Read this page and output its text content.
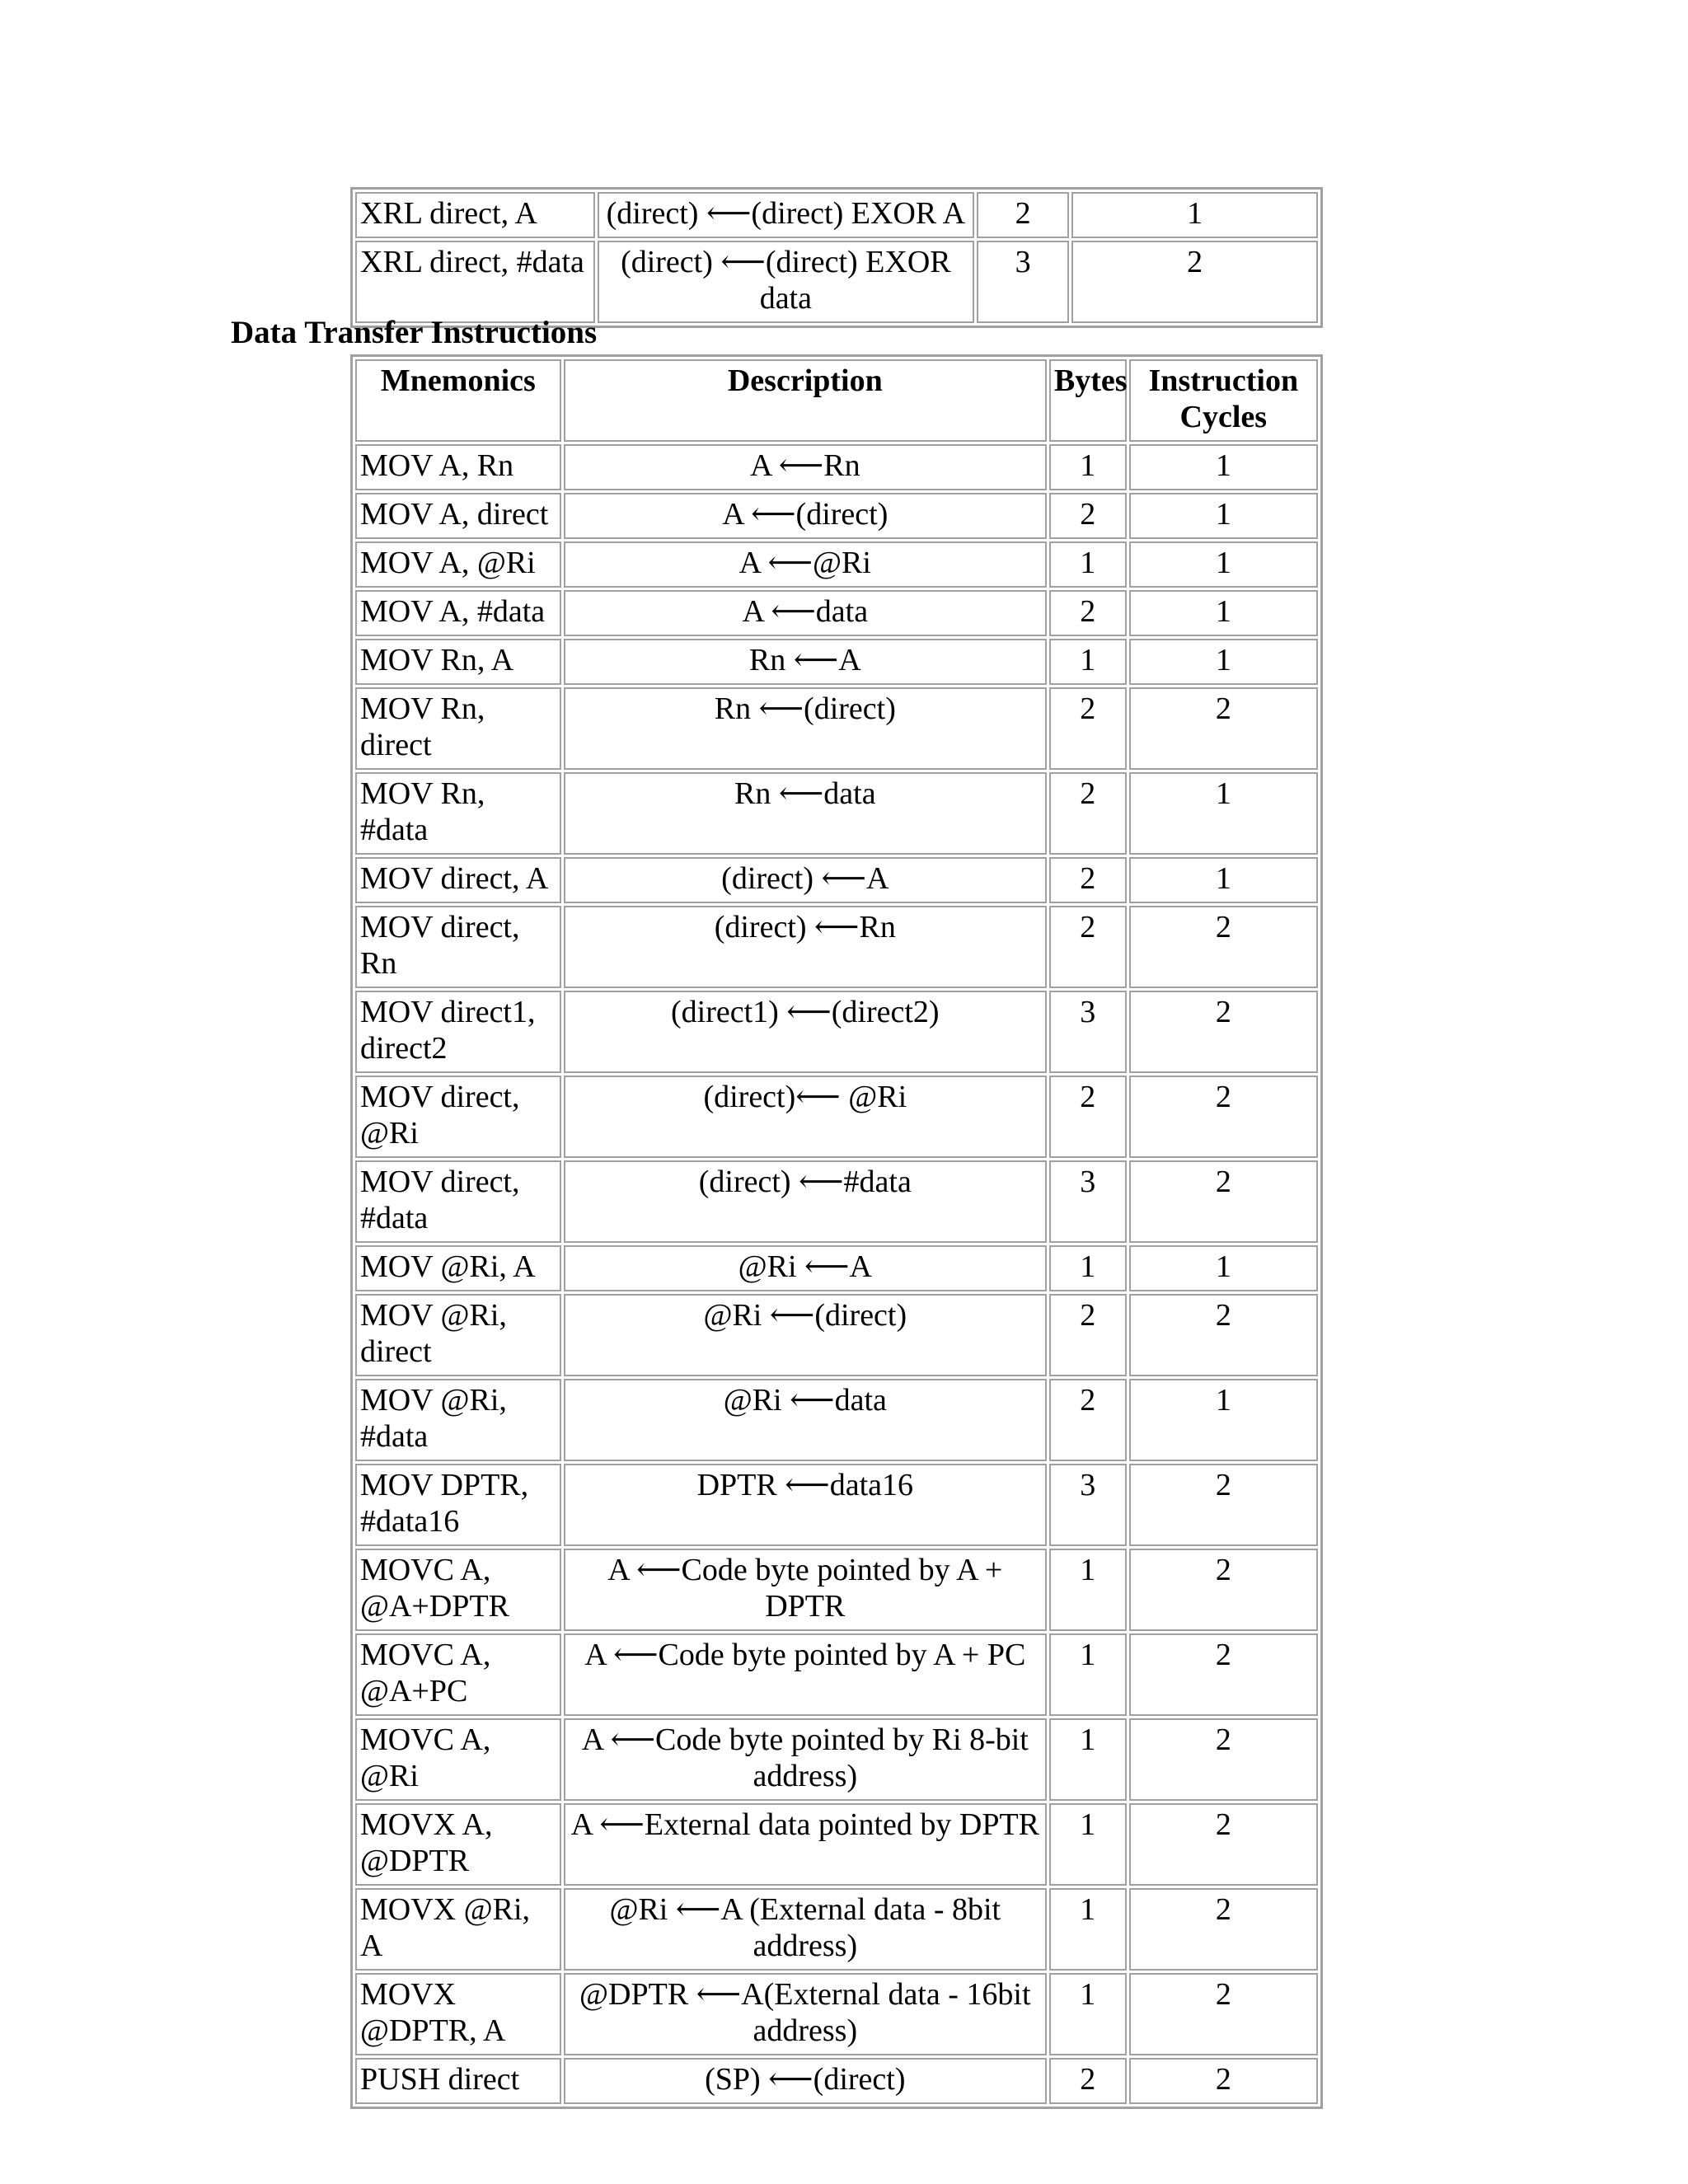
XRL direct, A	(direct) ⟵(direct) EXOR A	2	1
XRL direct, #data	(direct) ⟵(direct) EXOR data	3	2
Data Transfer Instructions
Mnemonics	Description	Bytes	Instruction Cycles
MOV A, Rn	A ⟵Rn	1	1
MOV A, direct	A ⟵(direct)	2	1
MOV A, @Ri	A ⟵@Ri	1	1
MOV A, #data	A ⟵data	2	1
MOV Rn, A	Rn ⟵A	1	1
MOV Rn, direct	Rn ⟵(direct)	2	2
MOV Rn, #data	Rn ⟵data	2	1
MOV direct, A	(direct) ⟵A	2	1
MOV direct, Rn	(direct) ⟵Rn	2	2
MOV direct1, direct2	(direct1) ⟵(direct2)	3	2
MOV direct, @Ri	(direct)⟵ @Ri	2	2
MOV direct, #data	(direct) ⟵#data	3	2
MOV @Ri, A	@Ri ⟵A	1	1
MOV @Ri, direct	@Ri ⟵(direct)	2	2
MOV @Ri, #data	@Ri ⟵data	2	1
MOV DPTR, #data16	DPTR ⟵data16	3	2
MOVC A, @A+DPTR	A ⟵Code byte pointed by A + DPTR	1	2
MOVC A, @A+PC	A ⟵Code byte pointed by A + PC	1	2
MOVC A, @Ri	A ⟵Code byte pointed by Ri 8-bit address)	1	2
MOVX A, @DPTR	A ⟵External data pointed by DPTR	1	2
MOVX @Ri, A	@Ri ⟵A (External data - 8bit address)	1	2
MOVX @DPTR, A	@DPTR ⟵A(External data - 16bit address)	1	2
PUSH direct	(SP) ⟵(direct)	2	2
